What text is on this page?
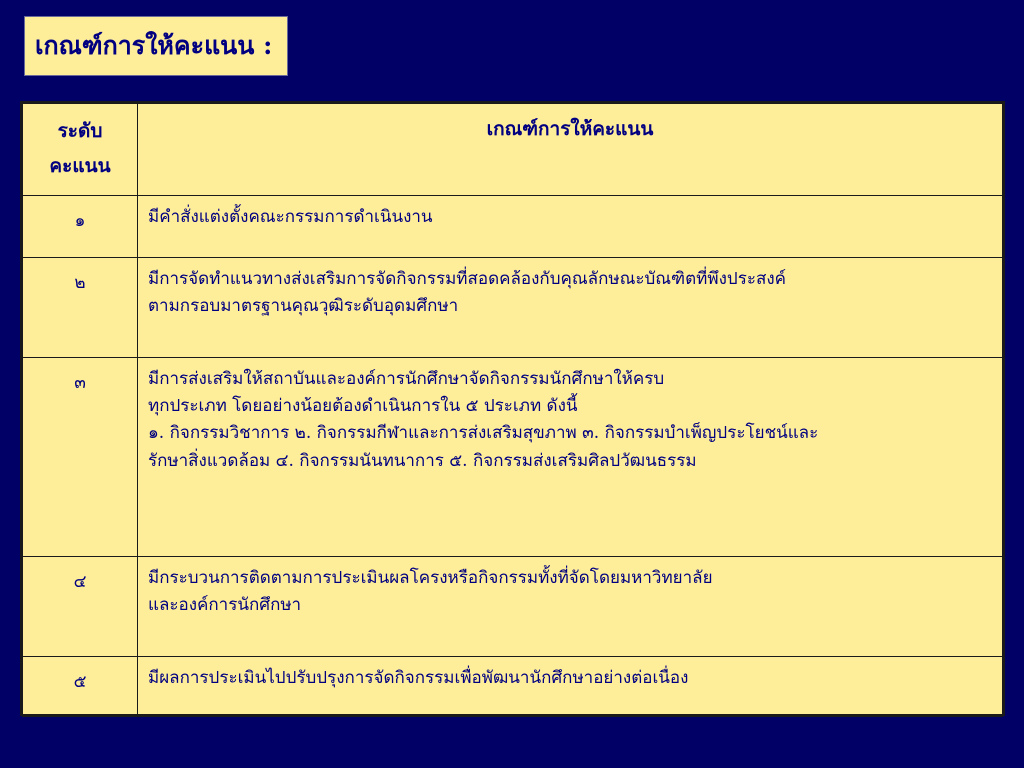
เกณฑ์การให้คะแนน :
ระดับ
คะแนน	เกณฑ์การให้คะแนน
๑	มีคำสั่งแต่งตั้งคณะกรรมการดำเนินงาน

๒	มีการจัดทำแนวทางส่งเสริมการจัดกิจกรรมที่สอดคล้องกับคุณลักษณะบัณฑิตที่พึงประสงค์
ตามกรอบมาตรฐานคุณวุฒิระดับอุดมศึกษา

๓	มีการส่งเสริมให้สถาบันและองค์การนักศึกษาจัดกิจกรรมนักศึกษาให้ครบ
ทุกประเภท โดยอย่างน้อยต้องดำเนินการใน ๕ ประเภท ดังนี้
๑. กิจกรรมวิชาการ ๒. กิจกรรมกีฬาและการส่งเสริมสุขภาพ ๓. กิจกรรมบำเพ็ญประโยชน์และ
รักษาสิ่งแวดล้อม ๔. กิจกรรมนันทนาการ ๕. กิจกรรมส่งเสริมศิลปวัฒนธรรม

๔	มีกระบวนการติดตามการประเมินผลโครงหรือกิจกรรมทั้งที่จัดโดยมหาวิทยาลัย
และองค์การนักศึกษา

๕	มีผลการประเมินไปปรับปรุงการจัดกิจกรรมเพื่อพัฒนานักศึกษาอย่างต่อเนื่อง
